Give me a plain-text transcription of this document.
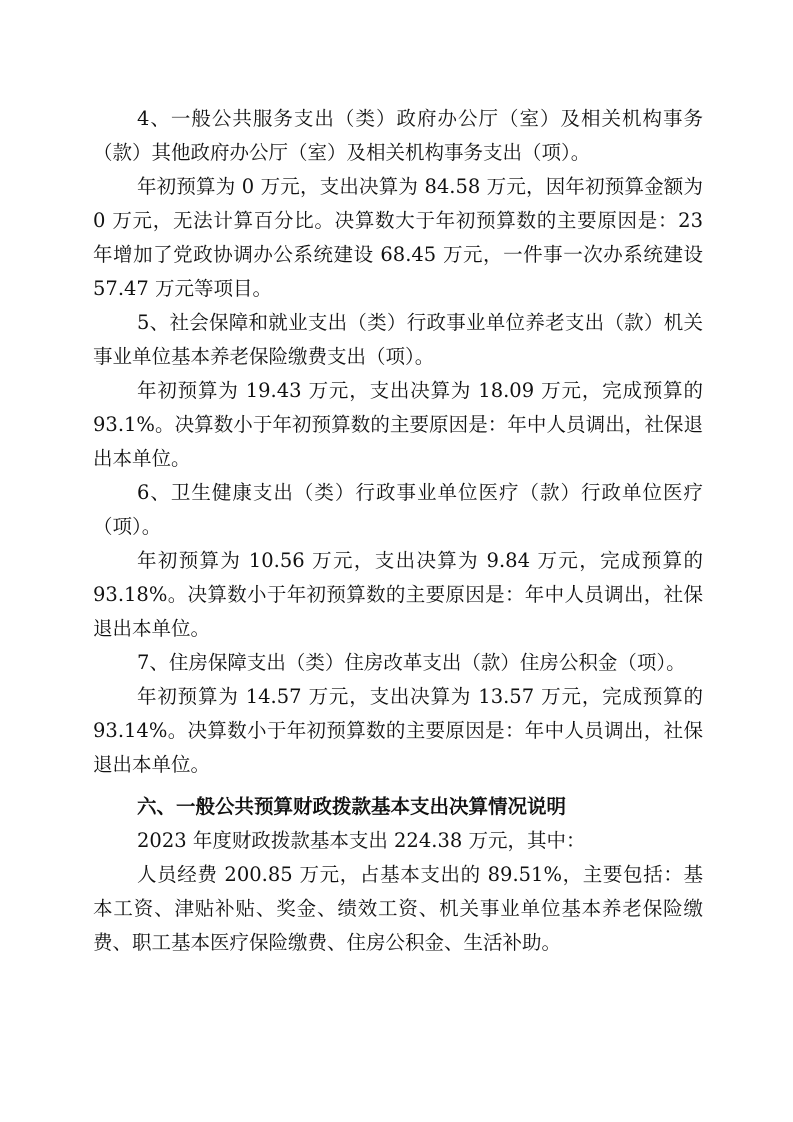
4、一般公共服务支出（类）政府办公厅（室）及相关机构事务（款）其他政府办公厅（室）及相关机构事务支出（项）。

年初预算为 0 万元，支出决算为 84.58 万元，因年初预算金额为 0 万元，无法计算百分比。决算数大于年初预算数的主要原因是：23 年增加了党政协调办公系统建设 68.45 万元，一件事一次办系统建设 57.47 万元等项目。

5、社会保障和就业支出（类）行政事业单位养老支出（款）机关事业单位基本养老保险缴费支出（项）。

年初预算为 19.43 万元，支出决算为 18.09 万元，完成预算的 93.1%。决算数小于年初预算数的主要原因是：年中人员调出，社保退出本单位。

6、卫生健康支出（类）行政事业单位医疗（款）行政单位医疗（项）。

年初预算为 10.56 万元，支出决算为 9.84 万元，完成预算的 93.18%。决算数小于年初预算数的主要原因是：年中人员调出，社保退出本单位。

7、住房保障支出（类）住房改革支出（款）住房公积金（项）。

年初预算为 14.57 万元，支出决算为 13.57 万元，完成预算的 93.14%。决算数小于年初预算数的主要原因是：年中人员调出，社保退出本单位。

六、一般公共预算财政拨款基本支出决算情况说明

2023 年度财政拨款基本支出 224.38 万元，其中：

人员经费 200.85 万元，占基本支出的 89.51%，主要包括：基本工资、津贴补贴、奖金、绩效工资、机关事业单位基本养老保险缴费、职工基本医疗保险缴费、住房公积金、生活补助。
